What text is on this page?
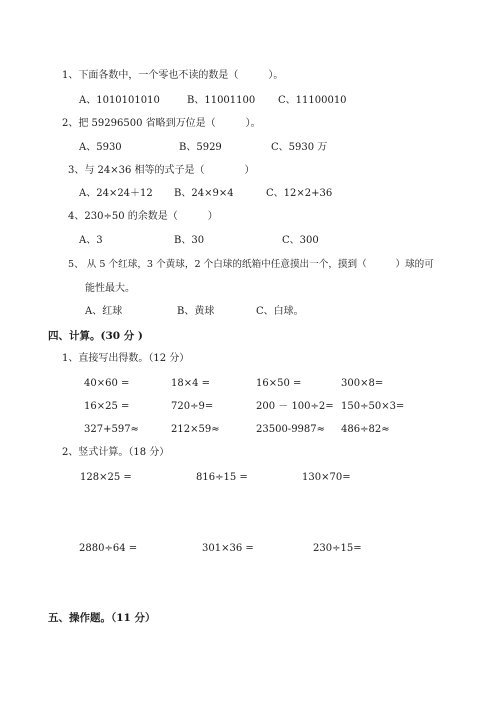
1、下面各数中，一个零也不读的数是（　　　）。
A、1010101010	B、11001100 C、11100010
2、把 59296500 省略到万位是（　　　）。
A、5930	B、5929	C、5930 万
3、与 24×36 相等的式子是（　　　　）
A、24×24＋12 B、24×9×4	C、12×2+36
4、230÷50 的余数是（　　　）
A、3	B、30	C、300
5、 从 5 个红球，3 个黄球，2 个白球的纸箱中任意摸出一个，摸到（　　　）球的可
能性最大。
A、红球	B、黄球	C、白球。
四、计算。(30 分 )
1、直接写出得数。（12 分）
40×60 =	18×4 =	16×50 =	300×8=
16×25 =	720÷9=	200 － 100÷2= 150÷50×3=
327+597≈	212×59≈	23500-9987≈ 486÷82≈
2、竖式计算。（18 分）
128×25 =	816÷15 =	130×70=
2880÷64 =	301×36 =	230÷15=
五、操作题。（11 分）
